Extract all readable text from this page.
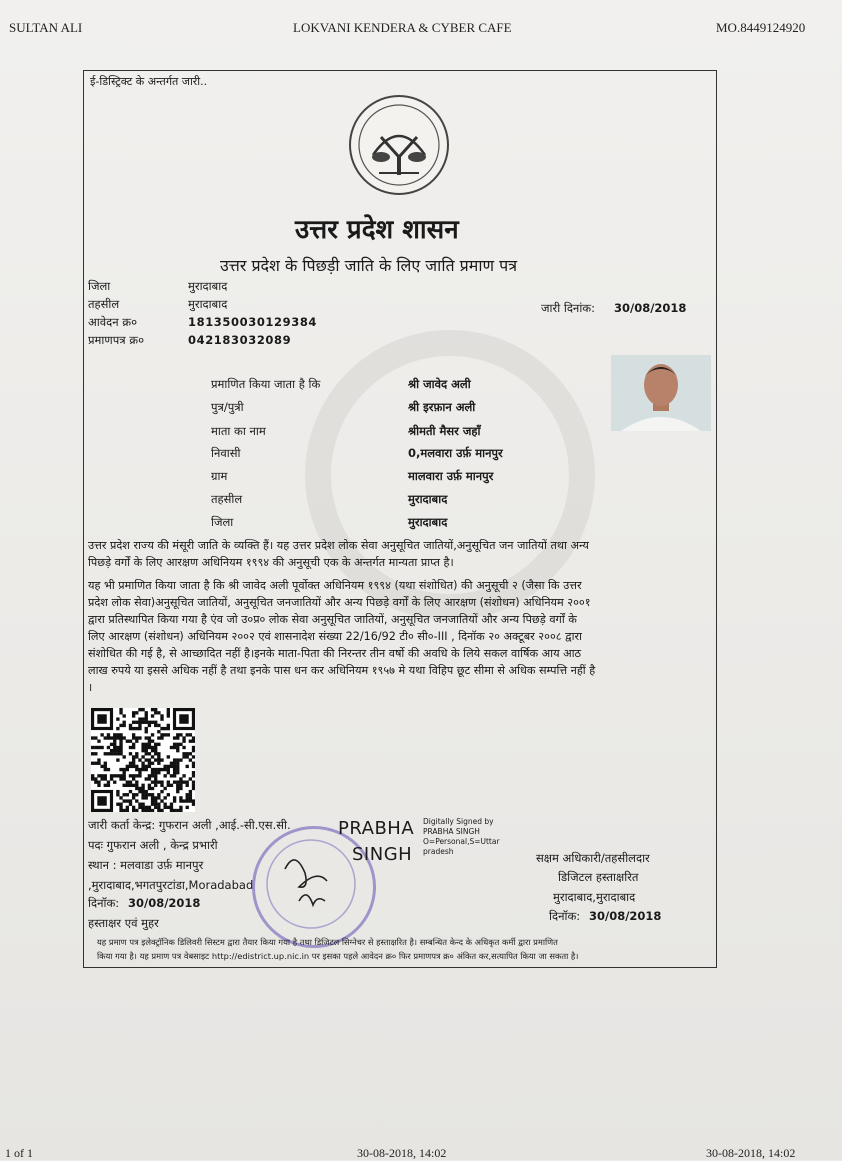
SULTAN ALI	LOKVANI KENDERA & CYBER CAFE	MO.8449124920
ई-डिस्ट्रिक्ट के अन्तर्गत जारी..
उत्तर प्रदेश शासन
उत्तर प्रदेश के पिछड़ी जाति के लिए जाति प्रमाण पत्र
जिला	मुरादाबाद
तहसील	मुरादाबाद
आवेदन क्र०	181350030129384
प्रमाणपत्र क्र०	042183032089
जारी दिनांक: 30/08/2018
प्रमाणित किया जाता है कि	श्री जावेद अली
पुत्र/पुत्री	श्री इरफ़ान अली
माता का नाम	श्रीमती मैसर जहाँ
निवासी	0,मलवारा उर्फ़ मानपुर
ग्राम	मालवारा उर्फ़ मानपुर
तहसील	मुरादाबाद
जिला	मुरादाबाद
उत्तर प्रदेश राज्य की मंसूरी जाति के व्यक्ति हैं। यह उत्तर प्रदेश लोक सेवा अनुसूचित जातियों,अनुसूचित जन जातियों तथा अन्य
पिछड़े वर्गों के लिए आरक्षण अधिनियम १९९४ की अनुसूची एक के अन्तर्गत मान्यता प्राप्त है।
यह भी प्रमाणित किया जाता है कि श्री जावेद अली पूर्वोक्त अधिनियम १९९४ (यथा संशोधित) की अनुसूची २ (जैसा कि उत्तर
प्रदेश लोक सेवा)अनुसूचित जातियों, अनुसूचित जनजातियों और अन्य पिछड़े वर्गों के लिए आरक्षण (संशोधन) अधिनियम २००१
द्वारा प्रतिस्थापित किया गया है एंव जो उ०प्र० लोक सेवा अनुसूचित जातियों, अनुसूचित जनजातियों और अन्य पिछड़े वर्गों के
लिए आरक्षण (संशोधन) अधिनियम २००२ एवं शासनादेश संख्या 22/16/92 टी० सी०-III , दिनॉक २० अक्टूबर २००८ द्वारा
संशोधित की गई है, से आच्छादित नहीं है।इनके माता-पिता की निरन्तर तीन वर्षो की अवधि के लिये सकल वार्षिक आय आठ
लाख रुपये या इससे अधिक नहीं है तथा इनके पास धन कर अधिनियम १९५७ मे यथा विहिप छूट सीमा से अधिक सम्पत्ति नहीं है
।
जारी कर्ता केन्द्र: गुफरान अली ,आई.-सी.एस.सी.
पदः गुफरान अली , केन्द्र प्रभारी
स्थान : मलवाडा उर्फ़ मानपुर
,मुरादाबाद,भगतपुरटांडा,Moradabad
दिनॉक: 30/08/2018
हस्ताक्षर एवं मुहर
PRABHA
SINGH
Digitally Signed by
PRABHA SINGH
O=Personal,S=Uttar
pradesh	सक्षम अधिकारी/तहसीलदार
डिजिटल हस्ताक्षरित
मुरादाबाद,मुरादाबाद
दिनॉक: 30/08/2018
यह प्रमाण पत्र इलेक्ट्रॉनिक डिलिवरी सिस्टम द्वारा तैयार किया गया है तथा डिजिटल सिग्नेचर से हस्ताक्षरित है। सम्बन्धित केन्द के अधिकृत कर्मी द्वारा प्रमाणित
किया गया है। यह प्रमाण पत्र वेबसाइट http://edistrict.up.nic.in पर इसका पहले आवेदन क्र० फिर प्रमाणपत्र क्र० अंकित कर,सत्यापित किया जा सकता है।
1 of 1	30-08-2018, 14:02	30-08-2018, 14:02
